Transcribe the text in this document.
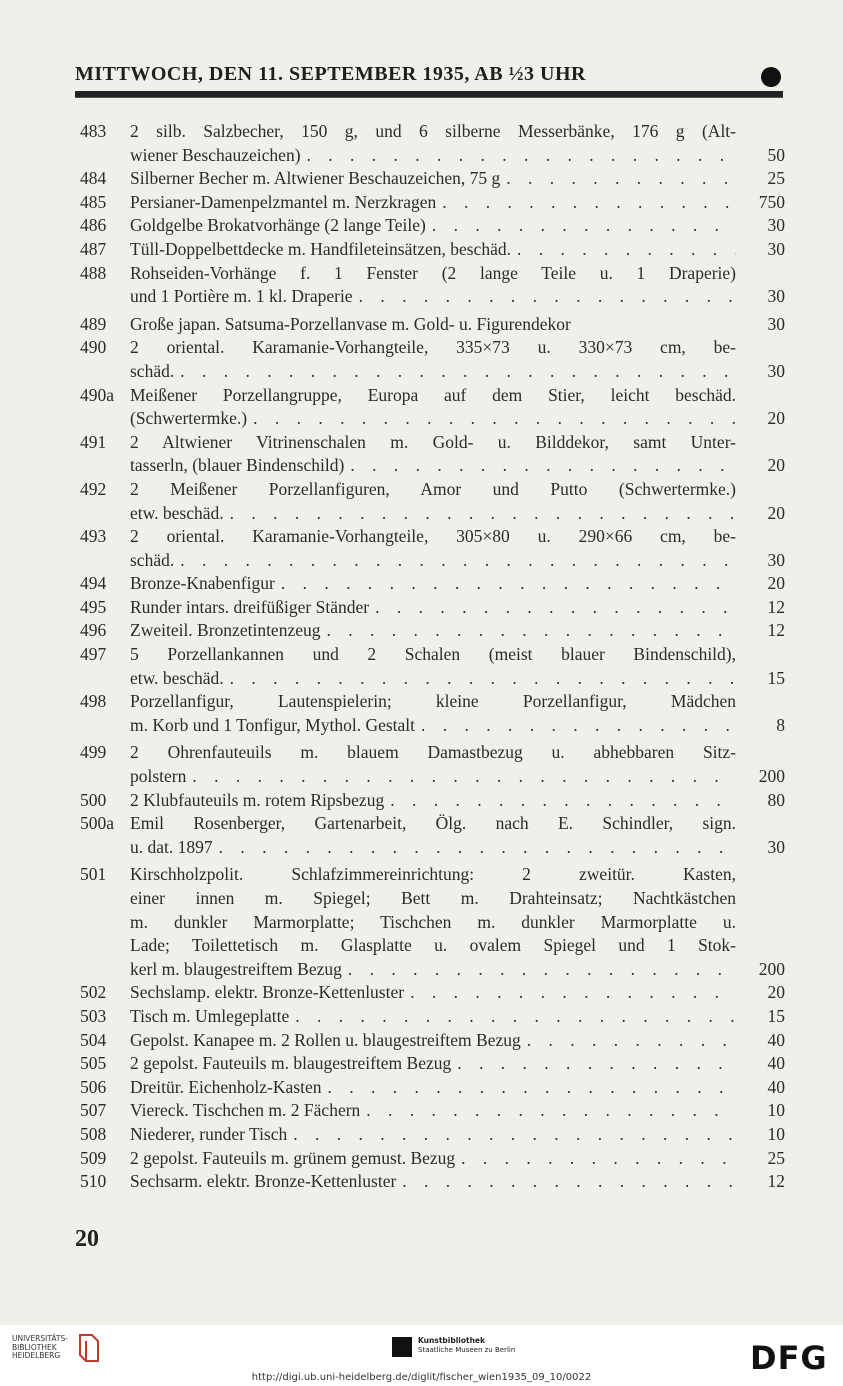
MITTWOCH, DEN 11. SEPTEMBER 1935, AB ½3 UHR
483	2 silb. Salzbecher, 150 g, und 6 silberne Messerbänke, 176 g (Alt-
wiener Beschauzeichen) . . .	50
484	Silberner Becher m. Altwiener Beschauzeichen, 75 g . . .	25
485	Persianer-Damenpelzmantel m. Nerzkragen . . .	750
486	Goldgelbe Brokatvorhänge (2 lange Teile) . . .	30
487	Tüll-Doppelbettdecke m. Handfileteinsätzen, beschäd. . . .	30
488	Rohseiden-Vorhänge f. 1 Fenster (2 lange Teile u. 1 Draperie)
und 1 Portière m. 1 kl. Draperie . . .	30
489	Große japan. Satsuma-Porzellanvase m. Gold- u. Figurendekor	30
490	2 oriental. Karamanie-Vorhangteile, 335×73 u. 330×73 cm, be-
schäd. . . .	30
490a Meißener Porzellangruppe, Europa auf dem Stier, leicht beschäd.
(Schwertermke.) . . .	20
491	2 Altwiener Vitrinenschalen m. Gold- u. Bilddekor, samt Unter-
tasserln, (blauer Bindenschild) . . .	20
492	2 Meißener Porzellanfiguren, Amor und Putto (Schwertermke.)
etw. beschäd. . . .	20
493	2 oriental. Karamanie-Vorhangteile, 305×80 u. 290×66 cm, be-
schäd. . . .	30
494	Bronze-Knabenfigur . . .	20
495	Runder intars. dreifüßiger Ständer . . .	12
496	Zweiteil. Bronzetintenzeug . . .	12
497	5 Porzellankannen und 2 Schalen (meist blauer Bindenschild),
etw. beschäd. . . .	15
498	Porzellanfigur, Lautenspielerin; kleine Porzellanfigur, Mädchen
m. Korb und 1 Tonfigur, Mythol. Gestalt . . .	8
499	2 Ohrenfauteuils m. blauem Damastbezug u. abhebbaren Sitz-
polstern . . .	200
500	2 Klubfauteuils m. rotem Ripsbezug . . .	80
500a Emil Rosenberger, Gartenarbeit, Ölg. nach E. Schindler, sign.
u. dat. 1897 . . .	30
501	Kirschholzpolit. Schlafzimmereinrichtung: 2 zweitür. Kasten,
einer innen m. Spiegel; Bett m. Drahteinsatz; Nachtkästchen
m. dunkler Marmorplatte; Tischchen m. dunkler Marmorplatte u.
Lade; Toilettetisch m. Glasplatte u. ovalem Spiegel und 1 Stok-
kerl m. blaugestreiftem Bezug . . .	200
502	Sechslamp. elektr. Bronze-Kettenluster . . .	20
503	Tisch m. Umlegeplatte . . .	15
504	Gepolst. Kanapee m. 2 Rollen u. blaugestreiftem Bezug . . .	40
505	2 gepolst. Fauteuils m. blaugestreiftem Bezug . . .	40
506	Dreitür. Eichenholz-Kasten . . .	40
507	Viereck. Tischchen m. 2 Fächern . . .	10
508	Niederer, runder Tisch . . .	10
509	2 gepolst. Fauteuils m. grünem gemust. Bezug . . .	25
510	Sechsarm. elektr. Bronze-Kettenluster . . .	12
20
UNIVERSITÄTS-
BIBLIOTHEK
HEIDELBERG
Kunstbibliothek
Staatliche Museen zu Berlin	DFG
http://digi.ub.uni-heidelberg.de/diglit/fischer_wien1935_09_10/0022
